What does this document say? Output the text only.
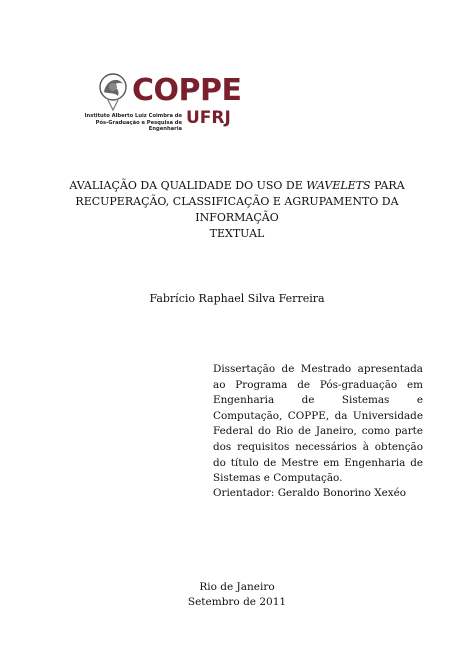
COPPE
UFRJ
Instituto Alberto Luiz Coimbra de
Pós-Graduação e Pesquisa de Engenharia
AVALIAÇÃO DA QUALIDADE DO USO DE WAVELETS PARA
RECUPERAÇÃO, CLASSIFICAÇÃO E AGRUPAMENTO DA INFORMAÇÃO
TEXTUAL
Fabrício Raphael Silva Ferreira
Dissertação de Mestrado apresentada ao Programa de Pós-graduação em Engenharia de Sistemas e Computação, COPPE, da Universidade Federal do Rio de Janeiro, como parte dos requisitos necessários à obtenção do título de Mestre em Engenharia de Sistemas e Computação.
Orientador: Geraldo Bonorino Xexéo
Rio de Janeiro
Setembro de 2011
